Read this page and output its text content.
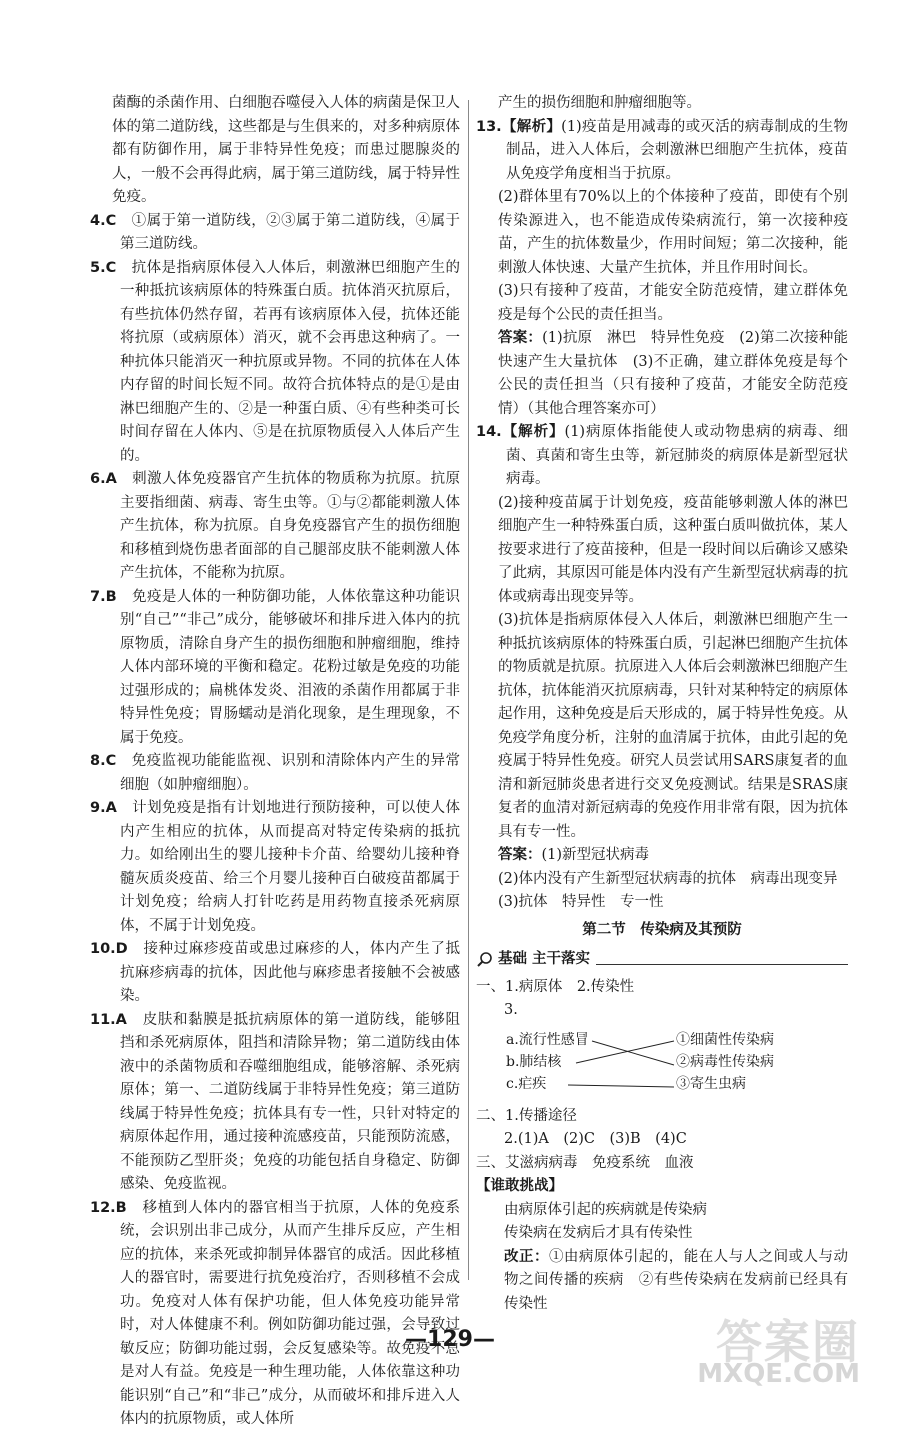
菌酶的杀菌作用、白细胞吞噬侵入人体的病菌是保卫人体的第二道防线，这些都是与生俱来的，对多种病原体都有防御作用，属于非特异性免疫；而患过腮腺炎的人，一般不会再得此病，属于第三道防线，属于特异性免疫。

4.C　 ①属于第一道防线，②③属于第二道防线，④属于第三道防线。

5.C　 抗体是指病原体侵入人体后，刺激淋巴细胞产生的一种抵抗该病原体的特殊蛋白质。抗体消灭抗原后，有些抗体仍然存留，若再有该病原体入侵，抗体还能将抗原（或病原体）消灭，就不会再患这种病了。一种抗体只能消灭一种抗原或异物。不同的抗体在人体内存留的时间长短不同。故符合抗体特点的是①是由淋巴细胞产生的、②是一种蛋白质、④有些种类可长时间存留在人体内、⑤是在抗原物质侵入人体后产生的。

6.A　 刺激人体免疫器官产生抗体的物质称为抗原。抗原主要指细菌、病毒、寄生虫等。①与②都能刺激人体产生抗体，称为抗原。自身免疫器官产生的损伤细胞和移植到烧伤患者面部的自己腿部皮肤不能刺激人体产生抗体，不能称为抗原。

7.B　 免疫是人体的一种防御功能，人体依靠这种功能识别“自己”“非己”成分，能够破坏和排斥进入体内的抗原物质，清除自身产生的损伤细胞和肿瘤细胞，维持人体内部环境的平衡和稳定。花粉过敏是免疫的功能过强形成的；扁桃体发炎、泪液的杀菌作用都属于非特异性免疫；胃肠蠕动是消化现象，是生理现象，不属于免疫。

8.C　 免疫监视功能能监视、识别和清除体内产生的异常细胞（如肿瘤细胞）。

9.A　 计划免疫是指有计划地进行预防接种，可以使人体内产生相应的抗体，从而提高对特定传染病的抵抗力。如给刚出生的婴儿接种卡介苗、给婴幼儿接种脊髓灰质炎疫苗、给三个月婴儿接种百白破疫苗都属于计划免疫；给病人打针吃药是用药物直接杀死病原体，不属于计划免疫。

10.D　 接种过麻疹疫苗或患过麻疹的人，体内产生了抵抗麻疹病毒的抗体，因此他与麻疹患者接触不会被感染。

11.A　 皮肤和黏膜是抵抗病原体的第一道防线，能够阻挡和杀死病原体，阻挡和清除异物；第二道防线由体液中的杀菌物质和吞噬细胞组成，能够溶解、杀死病原体；第一、二道防线属于非特异性免疫；第三道防线属于特异性免疫；抗体具有专一性，只针对特定的病原体起作用，通过接种流感疫苗，只能预防流感，不能预防乙型肝炎；免疫的功能包括自身稳定、防御感染、免疫监视。

12.B　 移植到人体内的器官相当于抗原，人体的免疫系统，会识别出非己成分，从而产生排斥反应，产生相应的抗体，来杀死或抑制异体器官的成活。因此移植人的器官时，需要进行抗免疫治疗，否则移植不会成功。免疫对人体有保护功能，但人体免疫功能异常时，对人体健康不利。例如防御功能过强，会导致过敏反应；防御功能过弱，会反复感染等。故免疫不总是对人有益。免疫是一种生理功能，人体依靠这种功能识别“自己”和“非己”成分，从而破坏和排斥进入人体内的抗原物质，或人体所

产生的损伤细胞和肿瘤细胞等。

13.【解析】(1)疫苗是用减毒的或灭活的病毒制成的生物制品，进入人体后，会刺激淋巴细胞产生抗体，疫苗从免疫学角度相当于抗原。

(2)群体里有70%以上的个体接种了疫苗，即使有个别传染源进入，也不能造成传染病流行，第一次接种疫苗，产生的抗体数量少，作用时间短；第二次接种，能刺激人体快速、大量产生抗体，并且作用时间长。

(3)只有接种了疫苗，才能安全防范疫情，建立群体免疫是每个公民的责任担当。

答案：(1)抗原　淋巴　特异性免疫　(2)第二次接种能快速产生大量抗体　(3)不正确，建立群体免疫是每个公民的责任担当（只有接种了疫苗，才能安全防范疫情）（其他合理答案亦可）

14.【解析】(1)病原体指能使人或动物患病的病毒、细菌、真菌和寄生虫等，新冠肺炎的病原体是新型冠状病毒。

(2)接种疫苗属于计划免疫，疫苗能够刺激人体的淋巴细胞产生一种特殊蛋白质，这种蛋白质叫做抗体，某人按要求进行了疫苗接种，但是一段时间以后确诊又感染了此病，其原因可能是体内没有产生新型冠状病毒的抗体或病毒出现变异等。

(3)抗体是指病原体侵入人体后，刺激淋巴细胞产生一种抵抗该病原体的特殊蛋白质，引起淋巴细胞产生抗体的物质就是抗原。抗原进入人体后会刺激淋巴细胞产生抗体，抗体能消灭抗原病毒，只针对某种特定的病原体起作用，这种免疫是后天形成的，属于特异性免疫。从免疫学角度分析，注射的血清属于抗体，由此引起的免疫属于特异性免疫。研究人员尝试用SARS康复者的血清和新冠肺炎患者进行交叉免疫测试。结果是SRAS康复者的血清对新冠病毒的免疫作用非常有限，因为抗体具有专一性。

答案：(1)新型冠状病毒

(2)体内没有产生新型冠状病毒的抗体　病毒出现变异

(3)抗体　特异性　专一性

第二节　传染病及其预防
基础 主干落实

一、1.病原体　2.传染性

3.

a.流行性感冒
b.肺结核
c.疟疾
①细菌性传染病
②病毒性传染病
③寄生虫病

二、1.传播途径

2.(1)A　(2)C　(3)B　(4)C

三、艾滋病病毒　免疫系统　血液

【谁敢挑战】

由病原体引起的疾病就是传染病

传染病在发病后才具有传染性

改正：①由病原体引起的，能在人与人之间或人与动物之间传播的疾病　②有些传染病在发病前已经具有传染性

—129—	答案圈
MXQE.COM
